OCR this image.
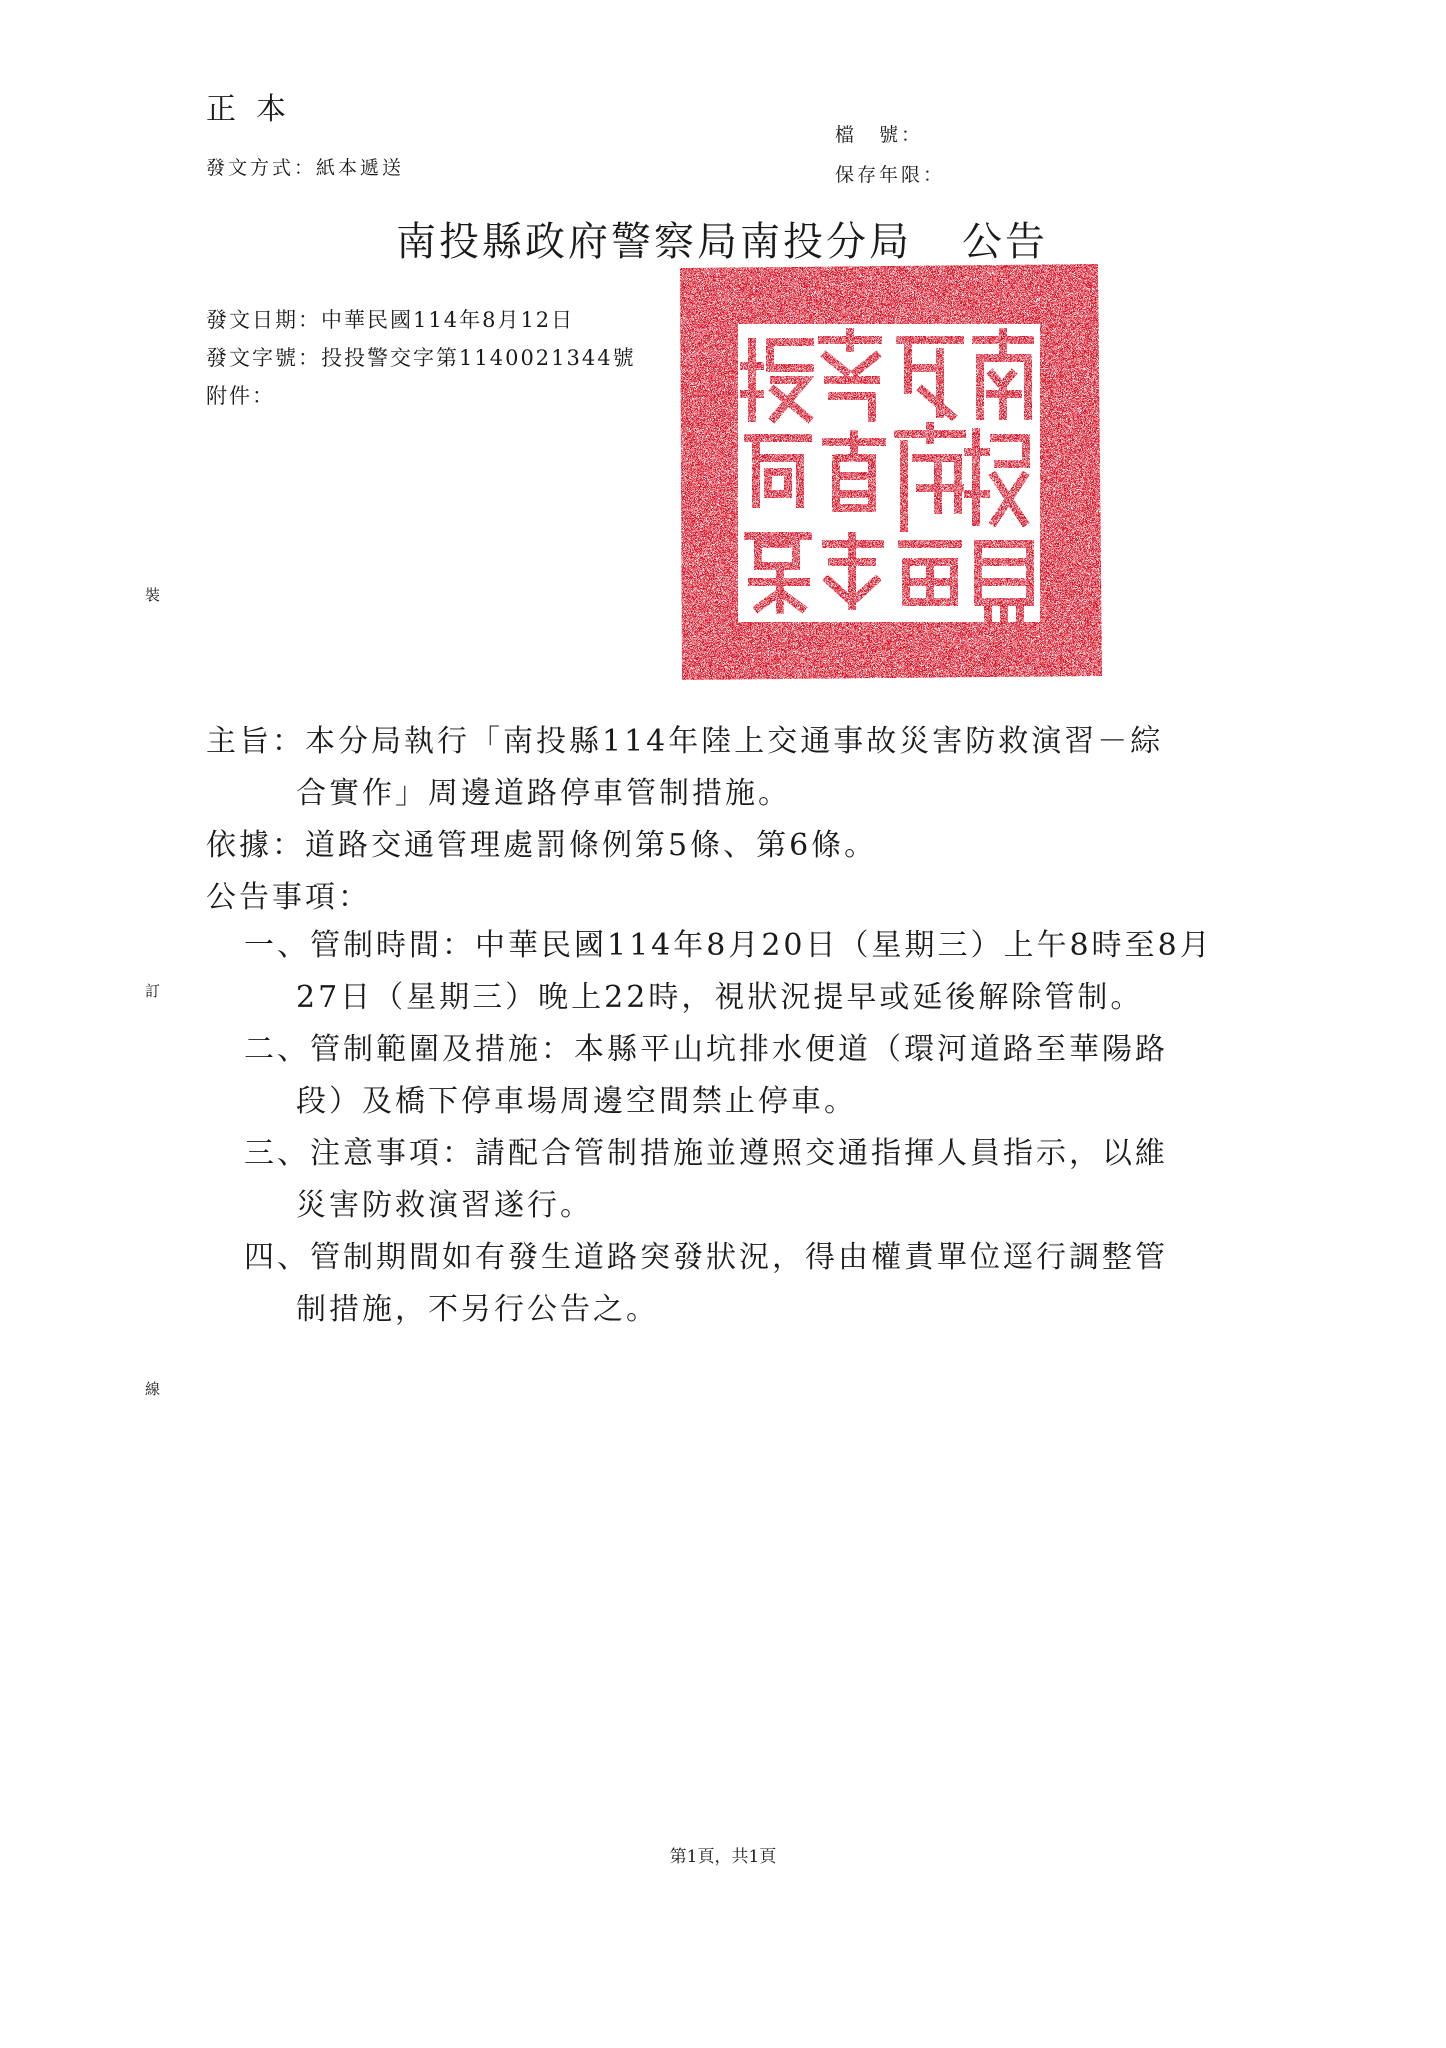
正本
發文方式：紙本遞送
檔　號：
保存年限：
南投縣政府警察局南投分局 公告
發文日期：中華民國114年8月12日
發文字號：投投警交字第1140021344號
附件：
裝
訂
線
主旨：本分局執行「南投縣114年陸上交通事故災害防救演習－綜
合實作」周邊道路停車管制措施。
依據：道路交通管理處罰條例第5條、第6條。
公告事項：
一、管制時間：中華民國114年8月20日（星期三）上午8時至8月
27日（星期三）晚上22時，視狀況提早或延後解除管制。
二、管制範圍及措施：本縣平山坑排水便道（環河道路至華陽路
段）及橋下停車場周邊空間禁止停車。
三、注意事項：請配合管制措施並遵照交通指揮人員指示，以維
災害防救演習遂行。
四、管制期間如有發生道路突發狀況，得由權責單位逕行調整管
制措施，不另行公告之。
第1頁，共1頁
